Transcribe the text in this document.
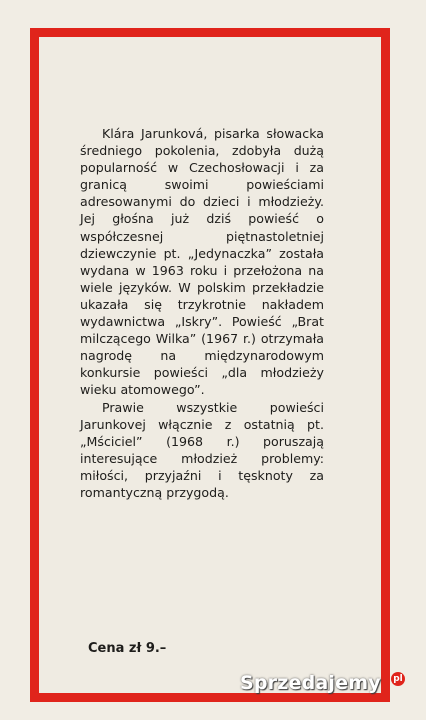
Klára Jarunková, pisarka słowacka średniego pokolenia, zdobyła dużą popularność w Czechosłowacji i za granicą swoimi powieściami adresowanymi do dzieci i młodzieży. Jej głośna już dziś powieść o współczesnej piętnastoletniej dziewczynie pt. „Jedynaczka” została wydana w 1963 roku i przełożona na wiele języków. W polskim przekładzie ukazała się trzykrotnie nakładem wydawnictwa „Iskry”. Powieść „Brat milczącego Wilka” (1967 r.) otrzymała nagrodę na międzynarodowym konkursie powieści „dla młodzieży wieku atomowego”.

Prawie wszystkie powieści Jarunkovej włącznie z ostatnią pt. „Mściciel” (1968 r.) poruszają interesujące młodzież problemy: miłości, przyjaźni i tęsknoty za romantyczną przygodą.

Cena zł 9.–
Sprzedajemy pl
